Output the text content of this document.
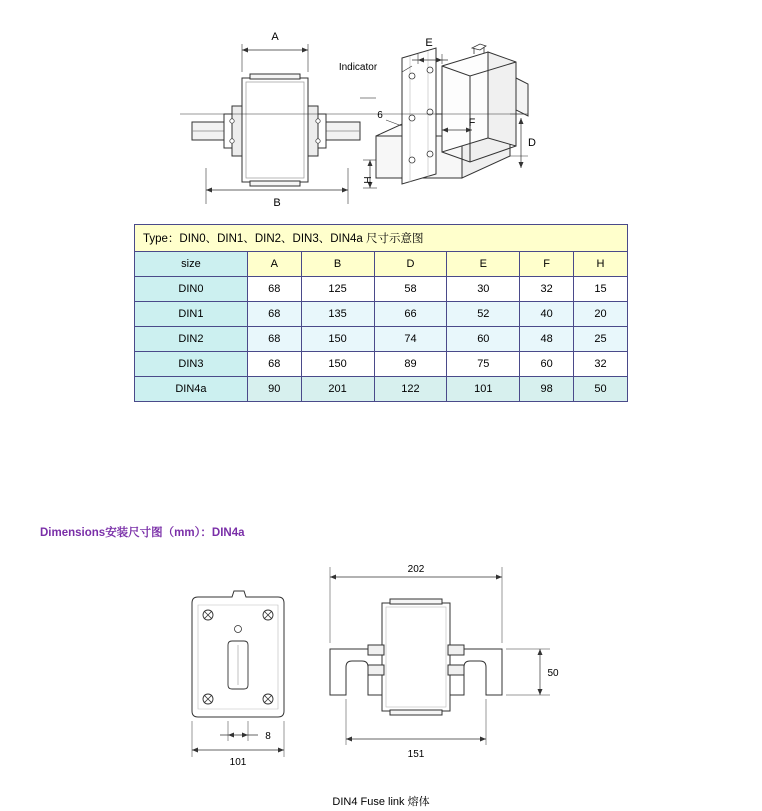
A
B
H
Indicator
E
F
D
6
Type：DIN0、DIN1、DIN2、DIN3、DIN4a 尺寸示意图						
size	A	B	D	E	F	H
DIN0	68	125	58	30	32	15
DIN1	68	135	66	52	40	20
DIN2	68	150	74	60	48	25
DIN3	68	150	89	75	60	32
DIN4a	90	201	122	101	98	50
Dimensions安装尺寸图（mm）：DIN4a
202
50
8
101
151
DIN4 Fuse link 熔体
